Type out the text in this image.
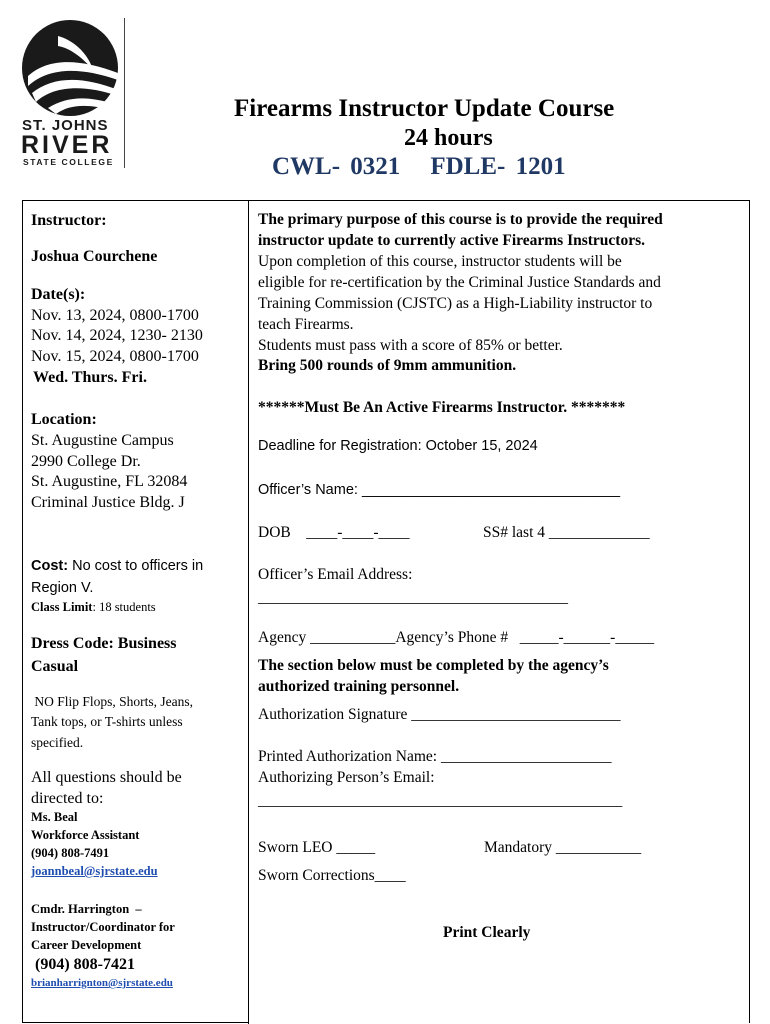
ST. JOHNS
RIVER
STATE COLLEGE
Firearms Instructor Update Course
24 hours
CWL- 0321 FDLE- 1201
Instructor:
Joshua Courchene
Date(s):
Nov. 13, 2024, 0800-1700
Nov. 14, 2024, 1230- 2130
Nov. 15, 2024, 0800-1700
Wed. Thurs. Fri.
Location:
St. Augustine Campus
2990 College Dr.
St. Augustine, FL 32084
Criminal Justice Bldg. J
Cost: No cost to officers in
Region V.
Class Limit: 18 students
Dress Code: Business
Casual
NO Flip Flops, Shorts, Jeans,
Tank tops, or T-shirts unless
specified.
All questions should be
directed to:
Ms. Beal
Workforce Assistant
(904) 808-7491
joannbeal@sjrstate.edu
Cmdr. Harrington  –
Instructor/Coordinator for
Career Development
(904) 808-7421
brianharrignton@sjrstate.edu
The primary purpose of this course is to provide the required
instructor update to currently active Firearms Instructors.
Upon completion of this course, instructor students will be
eligible for re-certification by the Criminal Justice Standards and
Training Commission (CJSTC) as a High-Liability instructor to
teach Firearms.
Students must pass with a score of 85% or better.
Bring 500 rounds of 9mm ammunition.
******Must Be An Active Firearms Instructor. *******
Deadline for Registration: October 15, 2024
Officer’s Name: ________________________________
DOB    ____-____-____	SS# last 4 _____________
Officer’s Email Address:
________________________________________
Agency ___________Agency’s Phone #   _____-______-_____
The section below must be completed by the agency’s
authorized training personnel.
Authorization Signature ___________________________
Printed Authorization Name: ______________________
Authorizing Person’s Email:
_______________________________________________
Sworn LEO _____	Mandatory ___________
Sworn Corrections____
Print Clearly
